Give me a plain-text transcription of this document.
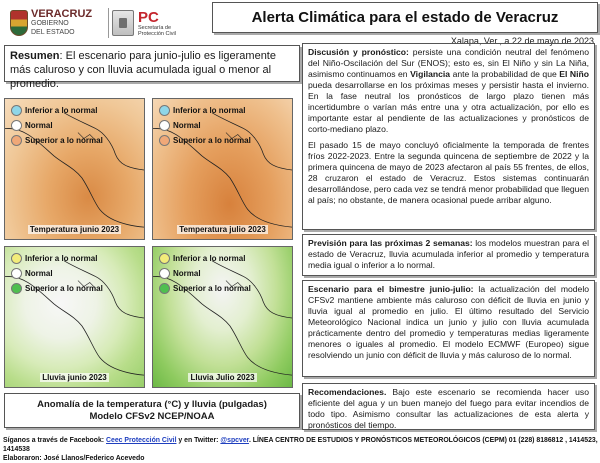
VERACRUZ
GOBIERNO
DEL ESTADO
PC
Secretaría de
Protección Civil
Alerta Climática para el estado de Veracruz
Xalapa, Ver., a 22 de mayo de 2023
Resumen: El escenario para junio-julio es ligeramente más caluroso y con lluvia acumulada igual o menor al promedio.
Inferior a lo normal
Normal
Superior a lo normal
Temperatura junio 2023
Inferior a lo normal
Normal
Superior a lo normal
Temperatura julio 2023
Inferior a lo normal
Normal
Superior a lo normal
Lluvia junio 2023
Inferior a lo normal
Normal
Superior a lo normal
Lluvia Julio 2023
Anomalía de la temperatura (°C) y lluvia (pulgadas)
Modelo CFSv2 NCEP/NOAA

Discusión y pronóstico: persiste una condición neutral del fenómeno del Niño-Oscilación del Sur (ENOS); esto es, sin El Niño y sin La Niña, asimismo continuamos en Vigilancia ante la probabilidad de que El Niño pueda desarrollarse en los próximas meses y persistir hasta el invierno. En la fase neutral los pronósticos de largo plazo tienen más incertidumbre o varían más entre una y otra actualización, por ello es importante estar al pendiente de las actualizaciones y pronósticos de corto-mediano plazo.

El pasado 15 de mayo concluyó oficialmente la temporada de frentes fríos 2022-2023. Entre la segunda quincena de septiembre de 2022 y la primera quincena de mayo de 2023 afectaron al país 55 frentes, de ellos, 28 cruzaron el estado de Veracruz. Estos sistemas continuarán desarrollándose, pero cada vez se tendrá menor probabilidad que lleguen al país; no obstante, de manera ocasional puede arribar alguno.

Previsión para las próximas 2 semanas: los modelos muestran para el estado de Veracruz, lluvia acumulada inferior al promedio y temperatura media igual o inferior a lo normal.

Escenario para el bimestre junio-julio: la actualización del modelo CFSv2 mantiene ambiente más caluroso con déficit de lluvia en junio y lluvia igual al promedio en julio. El último resultado del Servicio Meteorológico Nacional indica un junio y julio con lluvia acumulada prácticamente dentro del promedio y temperaturas medias ligeramente menores o iguales al promedio. El modelo ECMWF (Europeo) sigue resolviendo un junio con déficit de lluvia y más caluroso de lo normal.

Recomendaciones. Bajo este escenario se recomienda hacer uso eficiente del agua y un buen manejo del fuego para evitar incendios de todo tipo. Asimismo consultar las actualizaciones de esta alerta y pronósticos del tiempo.

Síganos a través de Facebook: Ceec Protección Civil y en Twitter: @spcver. LÍNEA CENTRO DE ESTUDIOS Y PRONÓSTICOS METEOROLÓGICOS (CEPM) 01 (228) 8186812 , 1414523, 1414538
Elaboraron: José Llanos/Federico Acevedo
